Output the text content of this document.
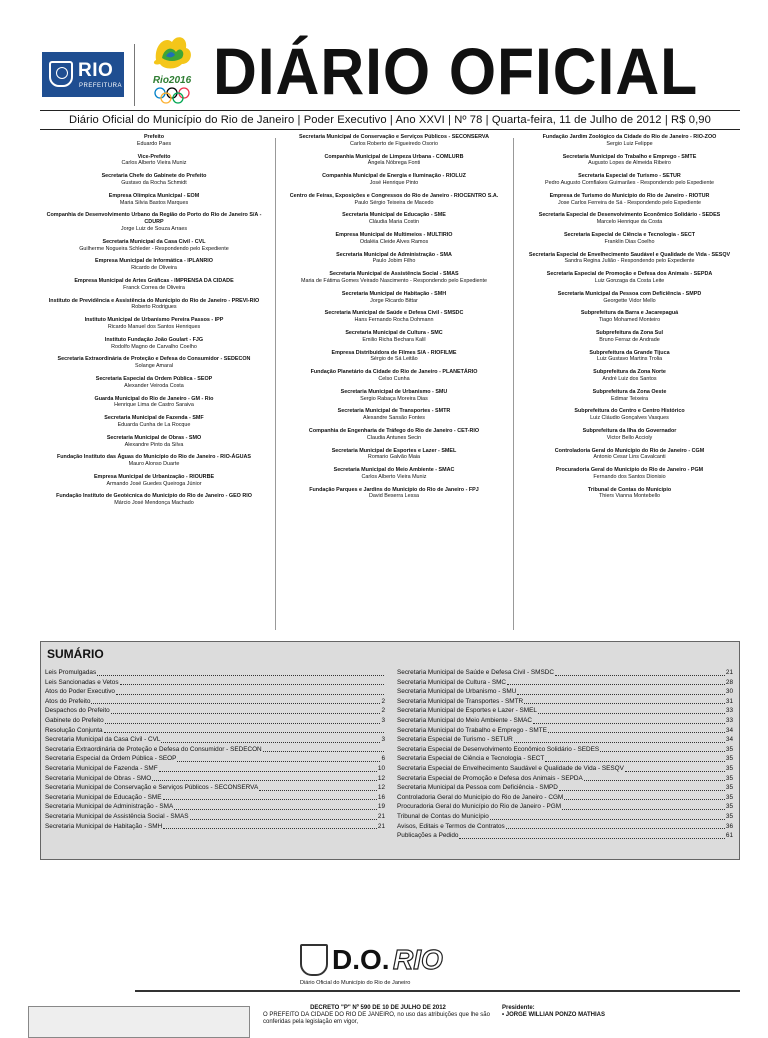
RIO
PREFEITURA	Rio2016 DIÁRIO OFICIAL
Diário Oficial do Município do Rio de Janeiro | Poder Executivo | Ano XXVI | Nº 78 | Quarta-feira, 11 de Julho de 2012 | R$ 0,90
Prefeito
Eduardo Paes
Vice-Prefeito
Carlos Alberto Vieira Muniz
Secretaria Chefe do Gabinete do Prefeito
Gustavo da Rocha Schmidt
Empresa Olímpica Municipal - EOM
Maria Silvia Bastos Marques
Companhia de Desenvolvimento Urbano da Região do Porto do Rio de Janeiro S/A - CDURP
Jorge Luiz de Souza Arraes
Secretaria Municipal da Casa Civil - CVL
Guilherme Nogueira Schleder - Respondendo pelo Expediente
Empresa Municipal de Informática - IPLANRIO
Ricardo de Oliveira
Empresa Municipal de Artes Gráficas - IMPRENSA DA CIDADE
Franck Correa de Oliveira
Instituto de Previdência e Assistência do Município do Rio de Janeiro - PREVI-RIO
Roberto Rodrigues
Instituto Municipal de Urbanismo Pereira Passos - IPP
Ricardo Manuel dos Santos Henriques
Instituto Fundação João Goulart - FJG
Rodolfo Magno de Carvalho Coelho
Secretaria Extraordinária de Proteção e Defesa do Consumidor - SEDECON
Solange Amaral
Secretaria Especial da Ordem Pública - SEOP
Alexander Veiroda Costa
Guarda Municipal do Rio de Janeiro - GM - Rio
Henrique Lima de Castro Saraiva
Secretaria Municipal de Fazenda - SMF
Eduarda Cunha de La Rocque
Secretaria Municipal de Obras - SMO
Alexandre Pinto da Silva
Fundação Instituto das Águas do Município do Rio de Janeiro - RIO-ÁGUAS
Mauro Alonso Duarte
Empresa Municipal de Urbanização - RIOURBE
Armando José Guedes Queiroga Júnior
Fundação Instituto de Geotécnica do Município do Rio de Janeiro - GEO RIO
Márcio José Mendonça Machado
Secretaria Municipal de Conservação e Serviços Públicos - SECONSERVA
Carlos Roberto de Figueiredo Osorio
Companhia Municipal de Limpeza Urbana - COMLURB
Ângela Nóbrega Fonti
Companhia Municipal de Energia e Iluminação - RIOLUZ
José Henrique Pinto
Centro de Feiras, Exposições e Congressos do Rio de Janeiro - RIOCENTRO S.A.
Paulo Sérgio Teixeira de Macedo
Secretaria Municipal de Educação - SME
Cláudia Maria Costin
Empresa Municipal de Multimeios - MULTIRIO
Odaléia Cleide Alves Ramos
Secretaria Municipal de Administração - SMA
Paulo Jobim Filho
Secretaria Municipal de Assistência Social - SMAS
Maria de Fátima Gomes Veirado Nascimento - Respondendo pelo Expediente
Secretaria Municipal de Habitação - SMH
Jorge Ricardo Bittar
Secretaria Municipal de Saúde e Defesa Civil - SMSDC
Hans Fernando Rocha Dohmann
Secretaria Municipal de Cultura - SMC
Emilio Richa Bechara Kalil
Empresa Distribuidora de Filmes S/A - RIOFILME
Sérgio de Sá Leitão
Fundação Planetário da Cidade do Rio de Janeiro - PLANETÁRIO
Celso Cunha
Secretaria Municipal de Urbanismo - SMU
Sergio Rabaça Moreira Dias
Secretaria Municipal de Transportes - SMTR
Alexandre Sansão Fontes
Companhia de Engenharia de Tráfego do Rio de Janeiro - CET-RIO
Claudia Antunes Secin
Secretaria Municipal de Esportes e Lazer - SMEL
Romario Galvão Maia
Secretaria Municipal do Meio Ambiente - SMAC
Carlos Alberto Vieira Muniz
Fundação Parques e Jardins do Município do Rio de Janeiro - FPJ
David Beserra Lessa
Fundação Jardim Zoológico da Cidade do Rio de Janeiro - RIO-ZOO
Sergio Luiz Felippe
Secretaria Municipal do Trabalho e Emprego - SMTE
Augusto Lopes de Almeida Ribeiro
Secretaria Especial de Turismo - SETUR
Pedro Augusto Cornflakes Guimarães - Respondendo pelo Expediente
Empresa de Turismo do Município do Rio de Janeiro - RIOTUR
Jose Carlos Ferreira de Sá - Respondendo pelo Expediente
Secretaria Especial de Desenvolvimento Econômico Solidário - SEDES
Marcelo Henrique da Costa
Secretaria Especial de Ciência e Tecnologia - SECT
Franklin Dias Coelho
Secretaria Especial de Envelhecimento Saudável e Qualidade de Vida - SESQV
Sandra Regina Julião - Respondendo pelo Expediente
Secretaria Especial de Promoção e Defesa dos Animais - SEPDA
Luiz Gonzaga da Costa Leite
Secretaria Municipal da Pessoa com Deficiência - SMPD
Georgette Vidor Mello
Subprefeitura da Barra e Jacarepaguá
Tiago Mohamed Monteiro
Subprefeitura da Zona Sul
Bruno Ferraz de Andrade
Subprefeitura da Grande Tijuca
Luiz Gustavo Martins Trolia
Subprefeitura da Zona Norte
André Luiz dos Santos
Subprefeitura da Zona Oeste
Edimar Teixeira
Subprefeitura do Centro e Centro Histórico
Luiz Cláudio Gonçalves Vasques
Subprefeitura da Ilha do Governador
Victor Bello Accioly
Controladoria Geral do Município do Rio de Janeiro - CGM
Antonio Cesar Lins Cavalcanti
Procuradoria Geral do Município do Rio de Janeiro - PGM
Fernando dos Santos Dionisio
Tribunal de Contas do Município
Thiers Vianna Montebello
SUMÁRIO
Leis Promulgadas
Leis Sancionadas e Vetos
Atos do Poder Executivo
Atos do Prefeito	2
Despachos do Prefeito	2
Gabinete do Prefeito	3
Resolução Conjunta
Secretaria Municipal da Casa Civil - CVL	3
Secretaria Extraordinária de Proteção e Defesa do Consumidor - SEDECON
Secretaria Especial da Ordem Pública - SEOP	6
Secretaria Municipal de Fazenda - SMF	10
Secretaria Municipal de Obras - SMO	12
Secretaria Municipal de Conservação e Serviços Públicos - SECONSERVA	12
Secretaria Municipal de Educação - SME	16
Secretaria Municipal de Administração - SMA	19
Secretaria Municipal de Assistência Social - SMAS	21
Secretaria Municipal de Habitação - SMH	21
Secretaria Municipal de Saúde e Defesa Civil - SMSDC	21
Secretaria Municipal de Cultura - SMC	28
Secretaria Municipal de Urbanismo - SMU	30
Secretaria Municipal de Transportes - SMTR	31
Secretaria Municipal de Esportes e Lazer - SMEL	33
Secretaria Municipal do Meio Ambiente - SMAC	33
Secretaria Municipal do Trabalho e Emprego - SMTE	34
Secretaria Especial de Turismo - SETUR	34
Secretaria Especial de Desenvolvimento Econômico Solidário - SEDES	35
Secretaria Especial de Ciência e Tecnologia - SECT	35
Secretaria Especial de Envelhecimento Saudável e Qualidade de Vida - SESQV	35
Secretaria Especial de Promoção e Defesa dos Animais - SEPDA	35
Secretaria Municipal da Pessoa com Deficiência - SMPD	35
Controladoria Geral do Município do Rio de Janeiro - CGM	35
Procuradoria Geral do Município do Rio de Janeiro - PGM	35
Tribunal de Contas do Município	35
Avisos, Editais e Termos de Contratos	36
Publicações a Pedido	61
D.O. RIO
Diário Oficial do Município do Rio de Janeiro
DECRETO "P" Nº 590 DE 10 DE JULHO DE 2012
O PREFEITO DA CIDADE DO RIO DE JANEIRO, no uso das atribuições que lhe são conferidas pela legislação em vigor,
Presidente:
• JORGE WILLIAN PONZO MATHIAS
